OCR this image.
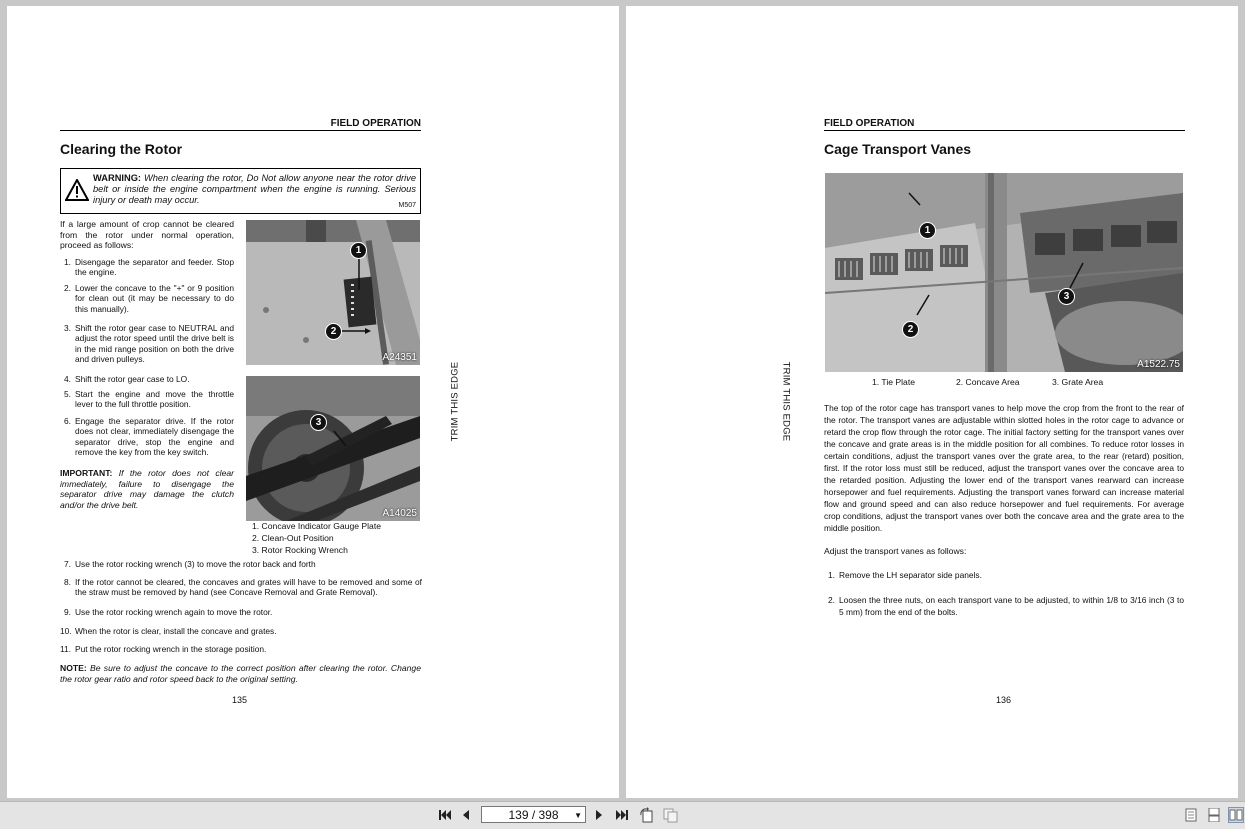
FIELD OPERATION
Clearing the Rotor
WARNING: When clearing the rotor, Do Not allow anyone near the rotor drive belt or inside the engine compartment when the engine is running. Serious injury or death may occur.
M507
If a large amount of crop cannot be cleared from the rotor under normal operation, proceed as follows:
1. Disengage the separator and feeder. Stop the engine.
2. Lower the concave to the "+" or 9 position for clean out (it may be necessary to do this manually).
3. Shift the rotor gear case to NEUTRAL and adjust the rotor speed until the drive belt is in the mid range position on both the drive and driven pulleys.
4. Shift the rotor gear case to LO.
5. Start the engine and move the throttle lever to the full throttle position.
6. Engage the separator drive. If the rotor does not clear, immediately disengage the separator drive, stop the engine and remove the key from the key switch.
IMPORTANT: If the rotor does not clear immediately, failure to disengage the separator drive may damage the clutch and/or the drive belt.
1
2
A24351
3
A14025
1. Concave Indicator Gauge Plate
2. Clean-Out Position
3. Rotor Rocking Wrench
7. Use the rotor rocking wrench (3) to move the rotor back and forth
8. If the rotor cannot be cleared, the concaves and grates will have to be removed and some of the straw must be removed by hand (see Concave Removal and Grate Removal).
9. Use the rotor rocking wrench again to move the rotor.
10. When the rotor is clear, install the concave and grates.
11. Put the rotor rocking wrench in the storage position.
NOTE: Be sure to adjust the concave to the correct position after clearing the rotor. Change the rotor gear ratio and rotor speed back to the original setting.
TRIM THIS EDGE
135
FIELD OPERATION
Cage Transport Vanes
1
2
3
A1522.75
1. Tie Plate	2. Concave Area	3. Grate Area
The top of the rotor cage has transport vanes to help move the crop from the front to the rear of the rotor. The transport vanes are adjustable within slotted holes in the rotor cage to advance or retard the crop flow through the rotor cage. The initial factory setting for the transport vanes over the concave and grate areas is in the middle position for all combines. To reduce rotor losses in certain conditions, adjust the transport vanes over the grate area, to the rear (retard) position, first. If the rotor loss must still be reduced, adjust the transport vanes over the concave area to the retarded position. Adjusting the lower end of the transport vanes rearward can increase horsepower and fuel requirements. Adjusting the transport vanes forward can increase material flow and ground speed and can also reduce horsepower and fuel requirements. For average crop conditions, adjust the transport vanes over both the concave area and the grate area to the middle position.
Adjust the transport vanes as follows:
1. Remove the LH separator side panels.
2. Loosen the three nuts, on each transport vane to be adjusted, to within 1/8 to 3/16 inch (3 to 5 mm) from the end of the bolts.
TRIM THIS EDGE
136
139 / 398 ▼
